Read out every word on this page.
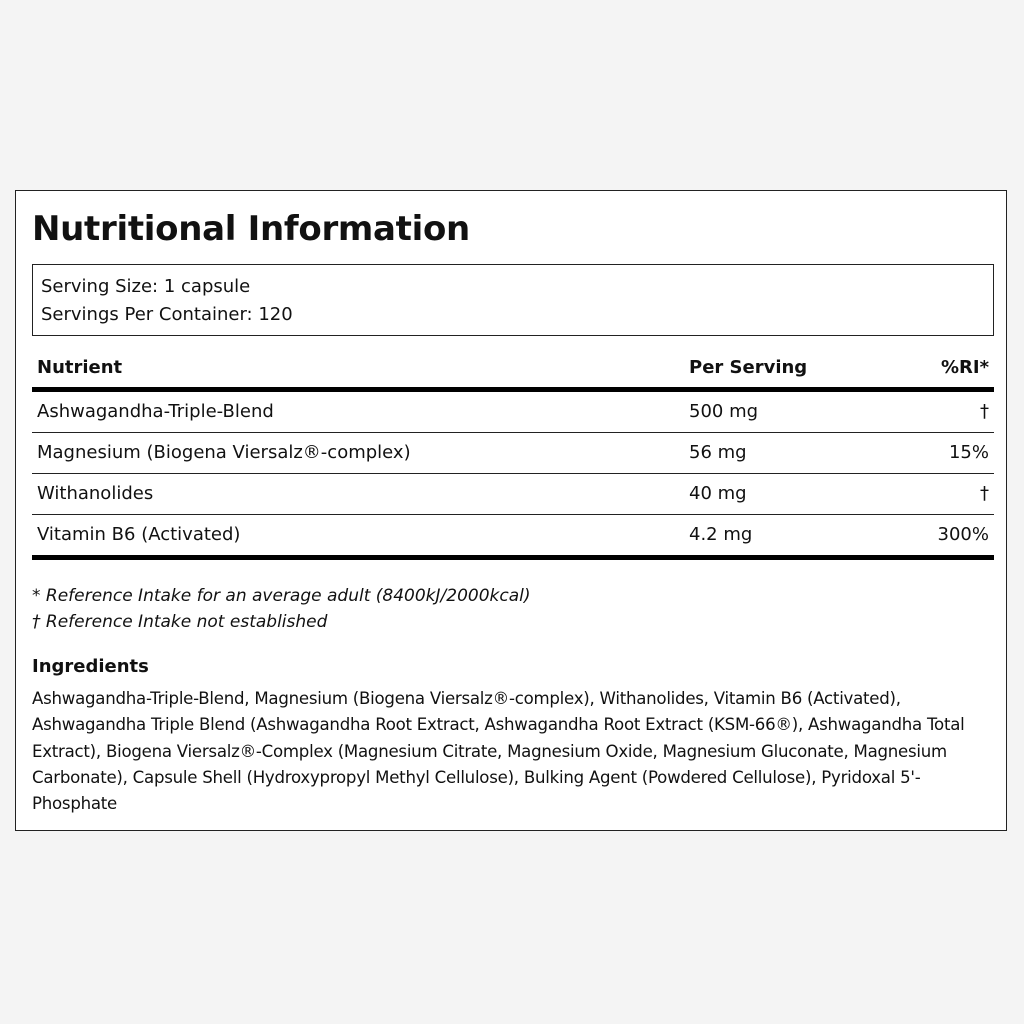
Nutritional Information
Serving Size: 1 capsule
Servings Per Container: 120
Nutrient	Per Serving	%RI*
Ashwagandha-Triple-Blend	500 mg	†
Magnesium (Biogena Viersalz®-complex)	56 mg	15%
Withanolides	40 mg	†
Vitamin B6 (Activated)	4.2 mg	300%
* Reference Intake for an average adult (8400kJ/2000kcal)
† Reference Intake not established
Ingredients

Ashwagandha-Triple-Blend, Magnesium (Biogena Viersalz®-complex), Withanolides, Vitamin B6 (Activated), Ashwagandha Triple Blend (Ashwagandha Root Extract, Ashwagandha Root Extract (KSM-66®), Ashwagandha Total Extract), Biogena Viersalz®-Complex (Magnesium Citrate, Magnesium Oxide, Magnesium Gluconate, Magnesium Carbonate), Capsule Shell (Hydroxypropyl Methyl Cellulose), Bulking Agent (Powdered Cellulose), Pyridoxal 5'-Phosphate
